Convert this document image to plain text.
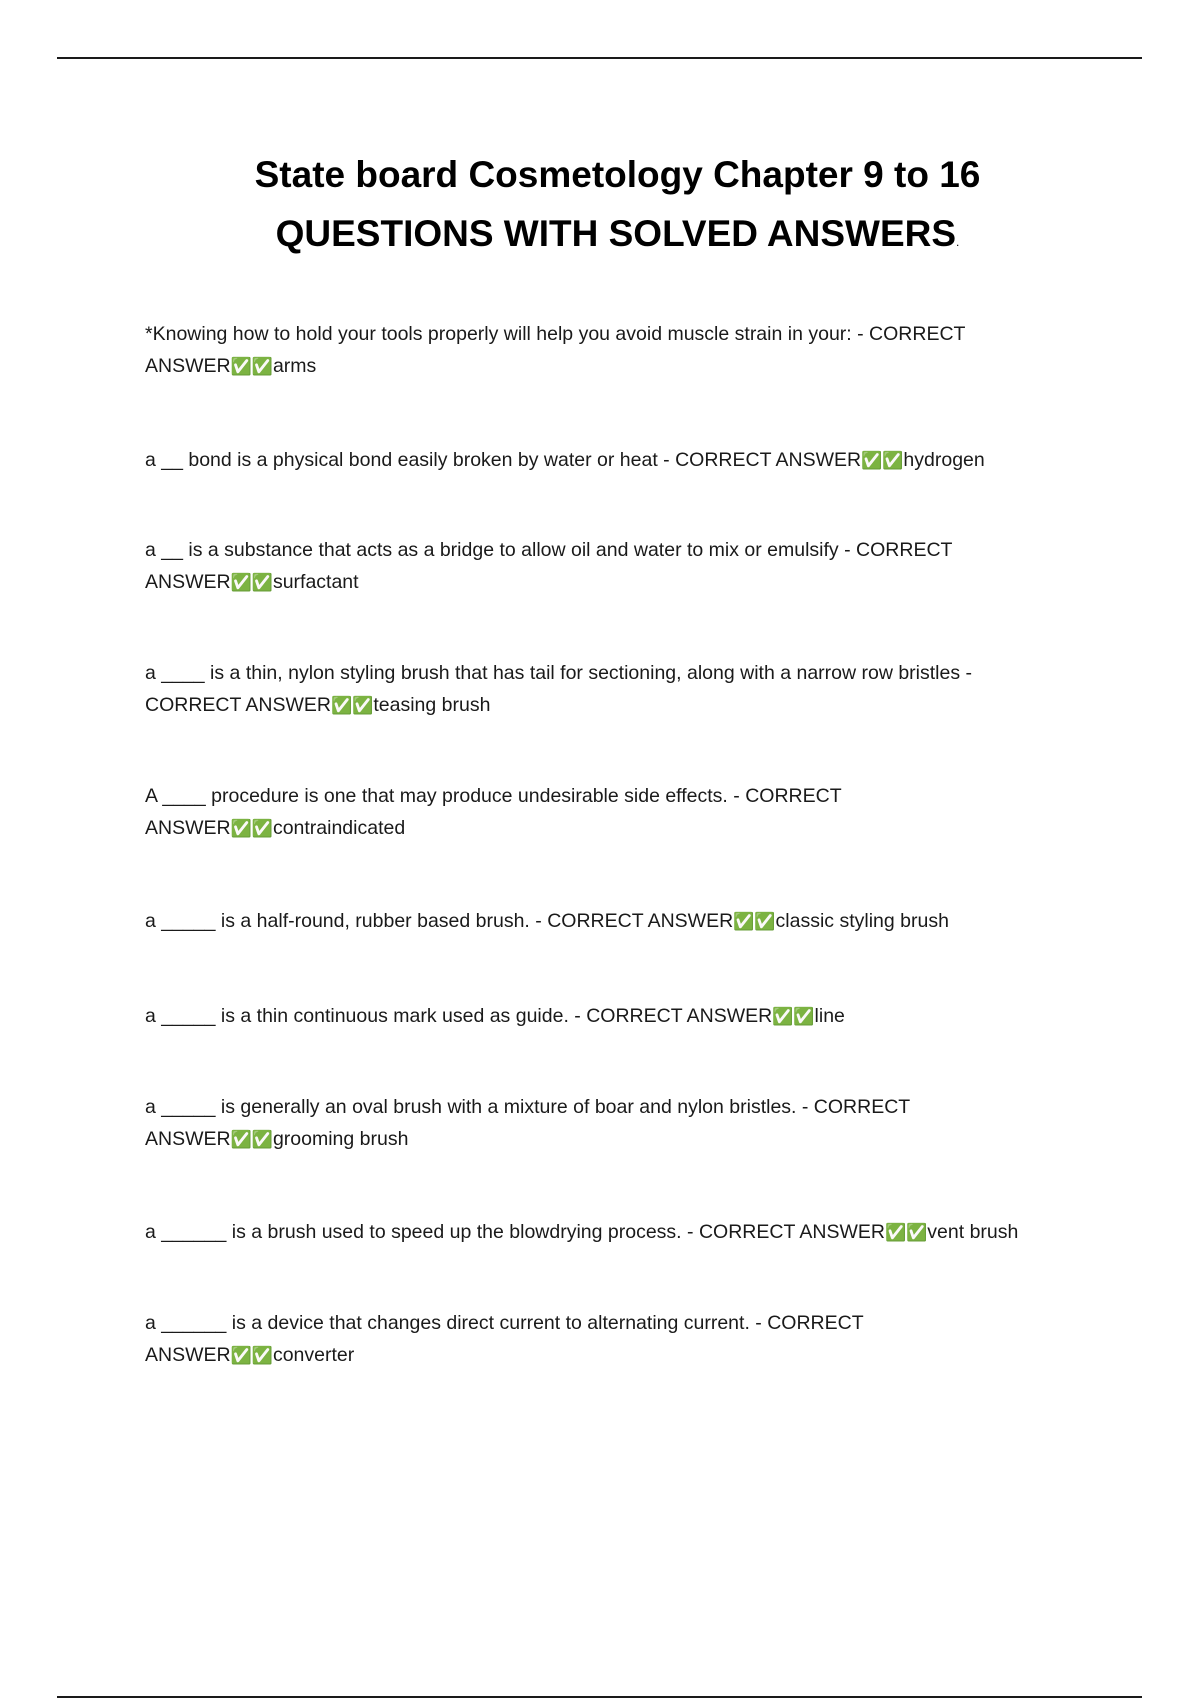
State board Cosmetology Chapter 9 to 16
QUESTIONS WITH SOLVED ANSWERS.
*Knowing how to hold your tools properly will help you avoid muscle strain in your: - CORRECT ANSWER✅✅arms
a __ bond is a physical bond easily broken by water or heat - CORRECT ANSWER✅✅hydrogen
a __ is a substance that acts as a bridge to allow oil and water to mix or emulsify - CORRECT ANSWER✅✅surfactant
a ____ is a thin, nylon styling brush that has tail for sectioning, along with a narrow row bristles - CORRECT ANSWER✅✅teasing brush
A ____ procedure is one that may produce undesirable side effects. - CORRECT ANSWER✅✅contraindicated
a _____ is a half-round, rubber based brush. - CORRECT ANSWER✅✅classic styling brush
a _____ is a thin continuous mark used as guide. - CORRECT ANSWER✅✅line
a _____ is generally an oval brush with a mixture of boar and nylon bristles. - CORRECT ANSWER✅✅grooming brush
a ______ is a brush used to speed up the blowdrying process. - CORRECT ANSWER✅✅vent brush
a ______ is a device that changes direct current to alternating current. - CORRECT ANSWER✅✅converter
